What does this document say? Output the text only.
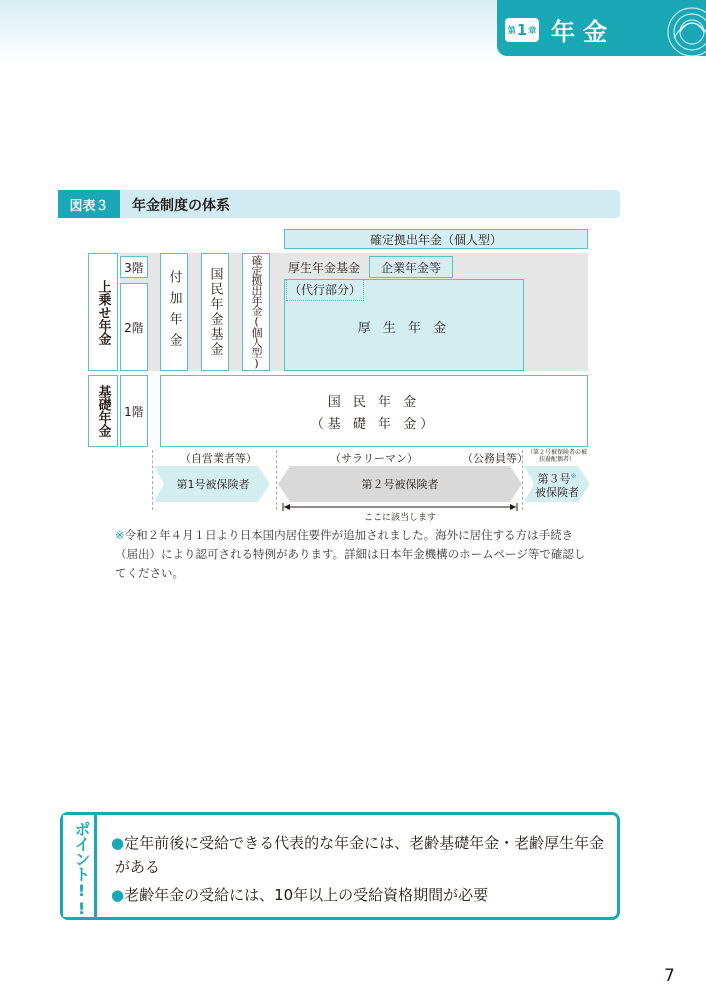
第 1 章 年金
図表３	年金制度の体系
確定拠出年金（個人型）
上乗せ年金
基礎年金
3階
2階
1階
付加年金	国民年金基金	確定拠出年金(個人型)	厚生年金基金
（代行部分）
企業年金等
厚 生 年 金
国 民 年 金
（基 礎 年 金）
（自営業者等）	（サラリーマン）	（公務員等）
（第２号被保険者の被扶養配偶者）
第1号被保険者	第２号被保険者	第３号※
被保険者
ここに該当します
※令和２年４月１日より日本国内居住要件が追加されました。海外に居住する方は手続き（届出）により認可される特例があります。詳細は日本年金機構のホームページ等で確認してください。
ポイント!! ●定年前後に受給できる代表的な年金には、老齢基礎年金・老齢厚生年金
がある
●老齢年金の受給には、10年以上の受給資格期間が必要
7
